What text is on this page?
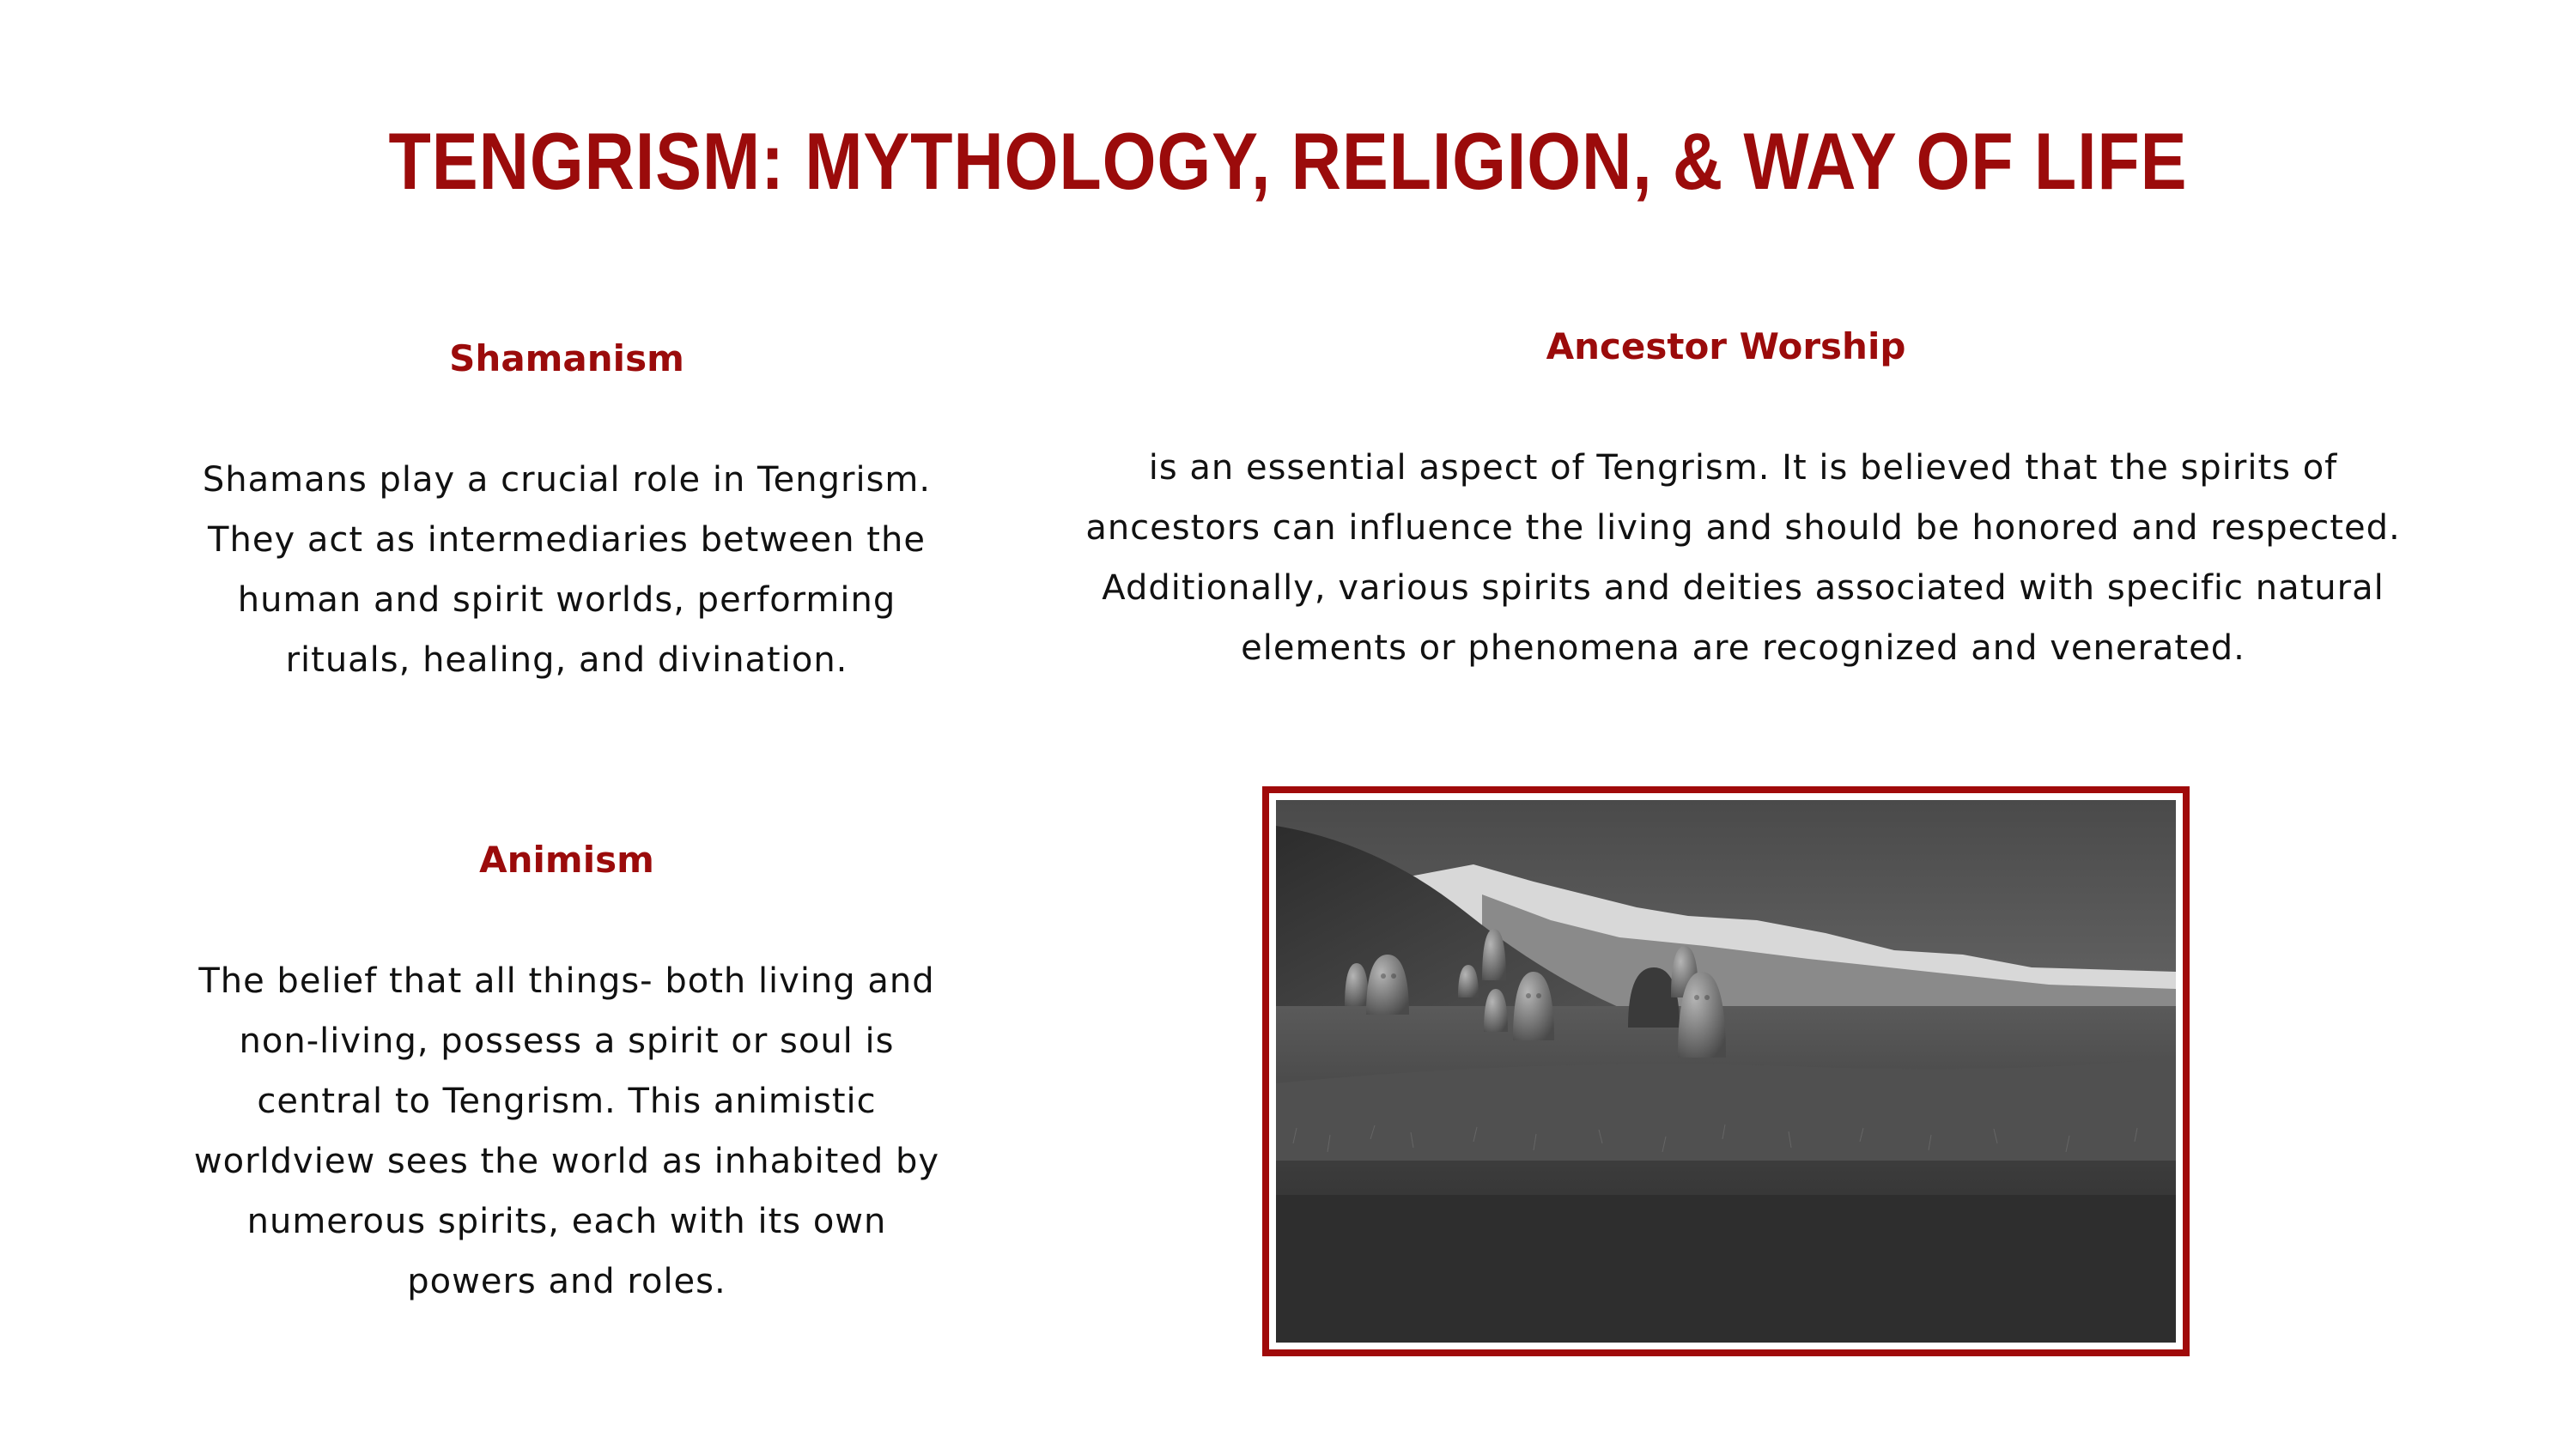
TENGRISM: MYTHOLOGY, RELIGION, & WAY OF LIFE
Shamanism

Shamans play a crucial role in Tengrism. They act as intermediaries between the human and spirit worlds, performing rituals, healing, and divination.

Ancestor Worship

is an essential aspect of Tengrism. It is believed that the spirits of ancestors can influence the living and should be honored and respected. Additionally, various spirits and deities associated with specific natural elements or phenomena are recognized and venerated.

Animism

The belief that all things- both living and non-living, possess a spirit or soul is central to Tengrism. This animistic worldview sees the world as inhabited by numerous spirits, each with its own powers and roles.
